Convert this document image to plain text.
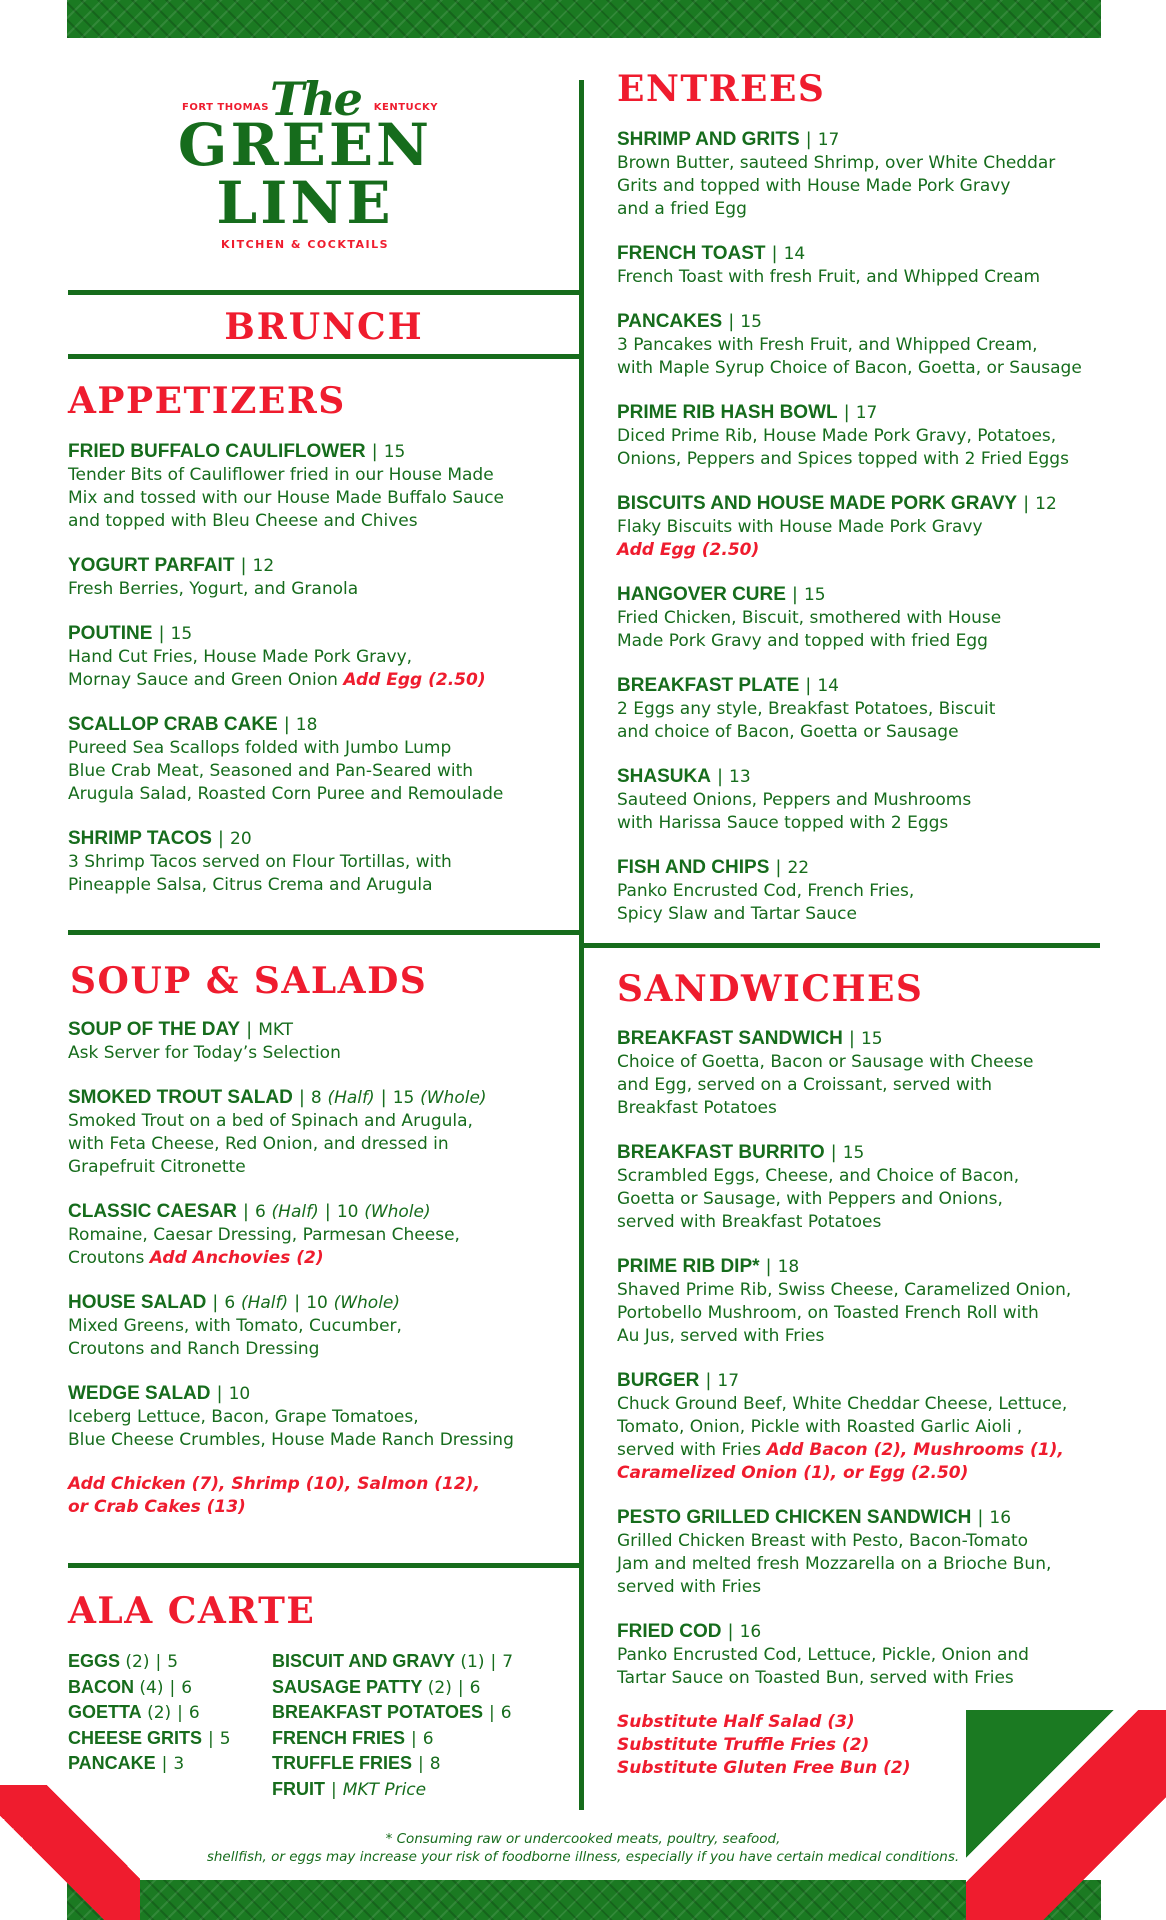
FORT THOMAS The KENTUCKY
GREEN
LINE
KITCHEN & COCKTAILS
BRUNCH
APPETIZERS
FRIED BUFFALO CAULIFLOWER | 15
Tender Bits of Cauliflower fried in our House Made
Mix and tossed with our House Made Buffalo Sauce
and topped with Bleu Cheese and Chives
YOGURT PARFAIT | 12
Fresh Berries, Yogurt, and Granola
POUTINE | 15
Hand Cut Fries, House Made Pork Gravy,
Mornay Sauce and Green Onion Add Egg (2.50)
SCALLOP CRAB CAKE | 18
Pureed Sea Scallops folded with Jumbo Lump
Blue Crab Meat, Seasoned and Pan-Seared with
Arugula Salad, Roasted Corn Puree and Remoulade
SHRIMP TACOS | 20
3 Shrimp Tacos served on Flour Tortillas, with
Pineapple Salsa, Citrus Crema and Arugula
SOUP & SALADS
SOUP OF THE DAY | MKT
Ask Server for Today’s Selection
SMOKED TROUT SALAD | 8 (Half) | 15 (Whole)
Smoked Trout on a bed of Spinach and Arugula,
with Feta Cheese, Red Onion, and dressed in
Grapefruit Citronette
CLASSIC CAESAR | 6 (Half) | 10 (Whole)
Romaine, Caesar Dressing, Parmesan Cheese,
Croutons Add Anchovies (2)
HOUSE SALAD | 6 (Half) | 10 (Whole)
Mixed Greens, with Tomato, Cucumber,
Croutons and Ranch Dressing
WEDGE SALAD | 10
Iceberg Lettuce, Bacon, Grape Tomatoes,
Blue Cheese Crumbles, House Made Ranch Dressing
Add Chicken (7), Shrimp (10), Salmon (12),
or Crab Cakes (13)
ALA CARTE
EGGS (2) | 5
BACON (4) | 6
GOETTA (2) | 6
CHEESE GRITS | 5
PANCAKE | 3
BISCUIT AND GRAVY (1) | 7
SAUSAGE PATTY (2) | 6
BREAKFAST POTATOES | 6
FRENCH FRIES | 6
TRUFFLE FRIES | 8
FRUIT | MKT Price
ENTREES
SHRIMP AND GRITS | 17
Brown Butter, sauteed Shrimp, over White Cheddar
Grits and topped with House Made Pork Gravy
and a fried Egg
FRENCH TOAST | 14
French Toast with fresh Fruit, and Whipped Cream
PANCAKES | 15
3 Pancakes with Fresh Fruit, and Whipped Cream,
with Maple Syrup Choice of Bacon, Goetta, or Sausage
PRIME RIB HASH BOWL | 17
Diced Prime Rib, House Made Pork Gravy, Potatoes,
Onions, Peppers and Spices topped with 2 Fried Eggs
BISCUITS AND HOUSE MADE PORK GRAVY | 12
Flaky Biscuits with House Made Pork Gravy
Add Egg (2.50)
HANGOVER CURE | 15
Fried Chicken, Biscuit, smothered with House
Made Pork Gravy and topped with fried Egg
BREAKFAST PLATE | 14
2 Eggs any style, Breakfast Potatoes, Biscuit
and choice of Bacon, Goetta or Sausage
SHASUKA | 13
Sauteed Onions, Peppers and Mushrooms
with Harissa Sauce topped with 2 Eggs
FISH AND CHIPS | 22
Panko Encrusted Cod, French Fries,
Spicy Slaw and Tartar Sauce
SANDWICHES
BREAKFAST SANDWICH | 15
Choice of Goetta, Bacon or Sausage with Cheese
and Egg, served on a Croissant, served with
Breakfast Potatoes
BREAKFAST BURRITO | 15
Scrambled Eggs, Cheese, and Choice of Bacon,
Goetta or Sausage, with Peppers and Onions,
served with Breakfast Potatoes
PRIME RIB DIP* | 18
Shaved Prime Rib, Swiss Cheese, Caramelized Onion,
Portobello Mushroom, on Toasted French Roll with
Au Jus, served with Fries
BURGER | 17
Chuck Ground Beef, White Cheddar Cheese, Lettuce,
Tomato, Onion, Pickle with Roasted Garlic Aioli ,
served with Fries Add Bacon (2), Mushrooms (1),
Caramelized Onion (1), or Egg (2.50)
PESTO GRILLED CHICKEN SANDWICH | 16
Grilled Chicken Breast with Pesto, Bacon-Tomato
Jam and melted fresh Mozzarella on a Brioche Bun,
served with Fries
FRIED COD | 16
Panko Encrusted Cod, Lettuce, Pickle, Onion and
Tartar Sauce on Toasted Bun, served with Fries
Substitute Half Salad (3)
Substitute Truffle Fries (2)
Substitute Gluten Free Bun (2)
* Consuming raw or undercooked meats, poultry, seafood,
shellfish, or eggs may increase your risk of foodborne illness, especially if you have certain medical conditions.
